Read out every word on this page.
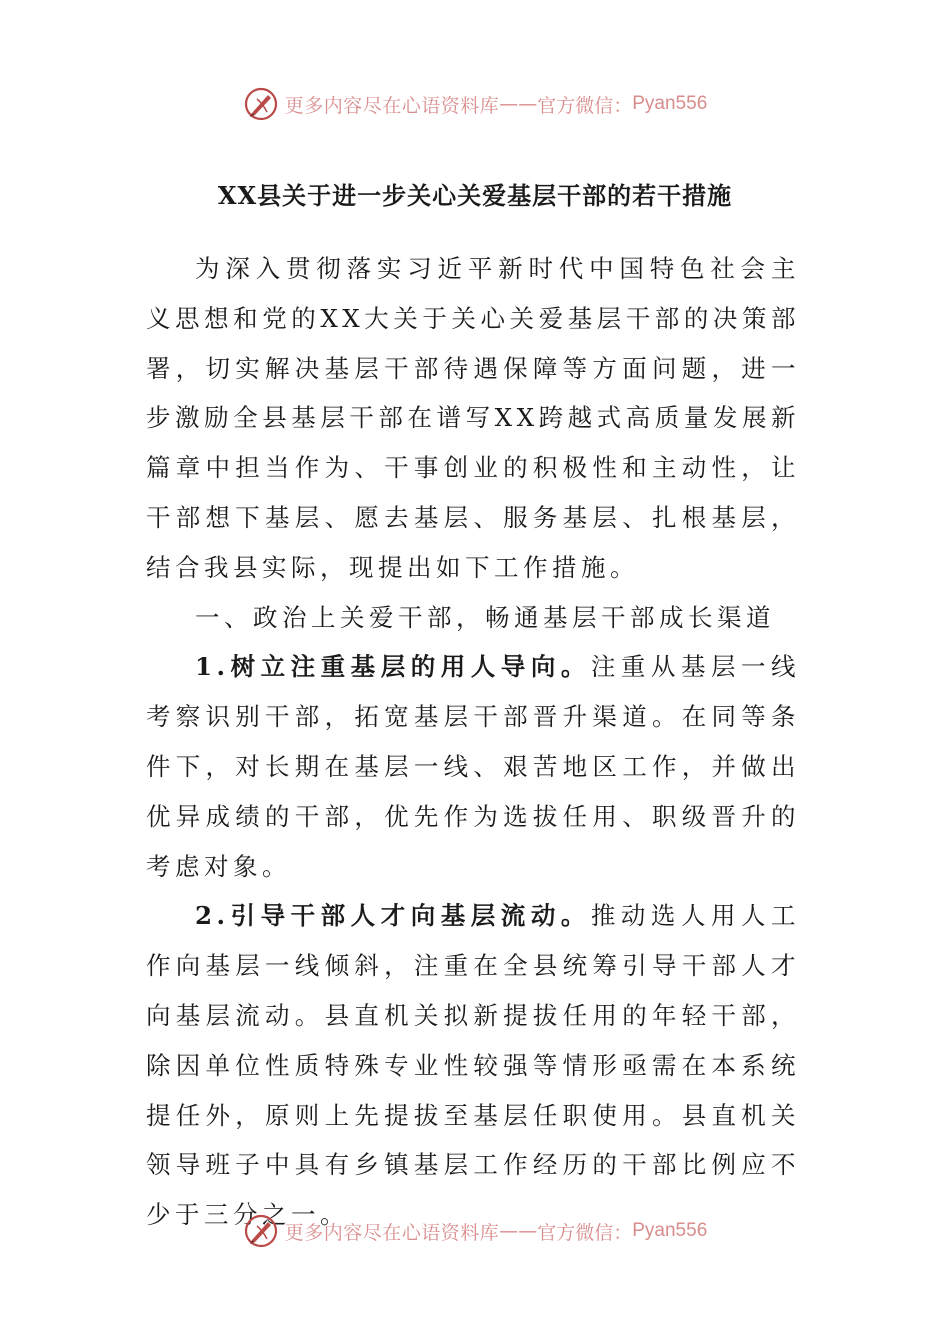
更多内容尽在心语资料库 —— 官方微信： Pyan556
XX县关于进一步关心关爱基层干部的若干措施

为深入贯彻落实习近平新时代中国特色社会主义思想和党的XX大关于关心关爱基层干部的决策部署，切实解决基层干部待遇保障等方面问题，进一步激励全县基层干部在谱写XX跨越式高质量发展新篇章中担当作为、干事创业的积极性和主动性，让干部想下基层、愿去基层、服务基层、扎根基层，结合我县实际，现提出如下工作措施。

一、政治上关爱干部，畅通基层干部成长渠道

1.树立注重基层的用人导向。注重从基层一线考察识别干部，拓宽基层干部晋升渠道。在同等条件下，对长期在基层一线、艰苦地区工作，并做出优异成绩的干部，优先作为选拔任用、职级晋升的考虑对象。

2.引导干部人才向基层流动。推动选人用人工作向基层一线倾斜，注重在全县统筹引导干部人才向基层流动。县直机关拟新提拔任用的年轻干部，除因单位性质特殊专业性较强等情形亟需在本系统提任外，原则上先提拔至基层任职使用。县直机关领导班子中具有乡镇基层工作经历的干部比例应不少于三分之一。

更多内容尽在心语资料库 —— 官方微信： Pyan556
